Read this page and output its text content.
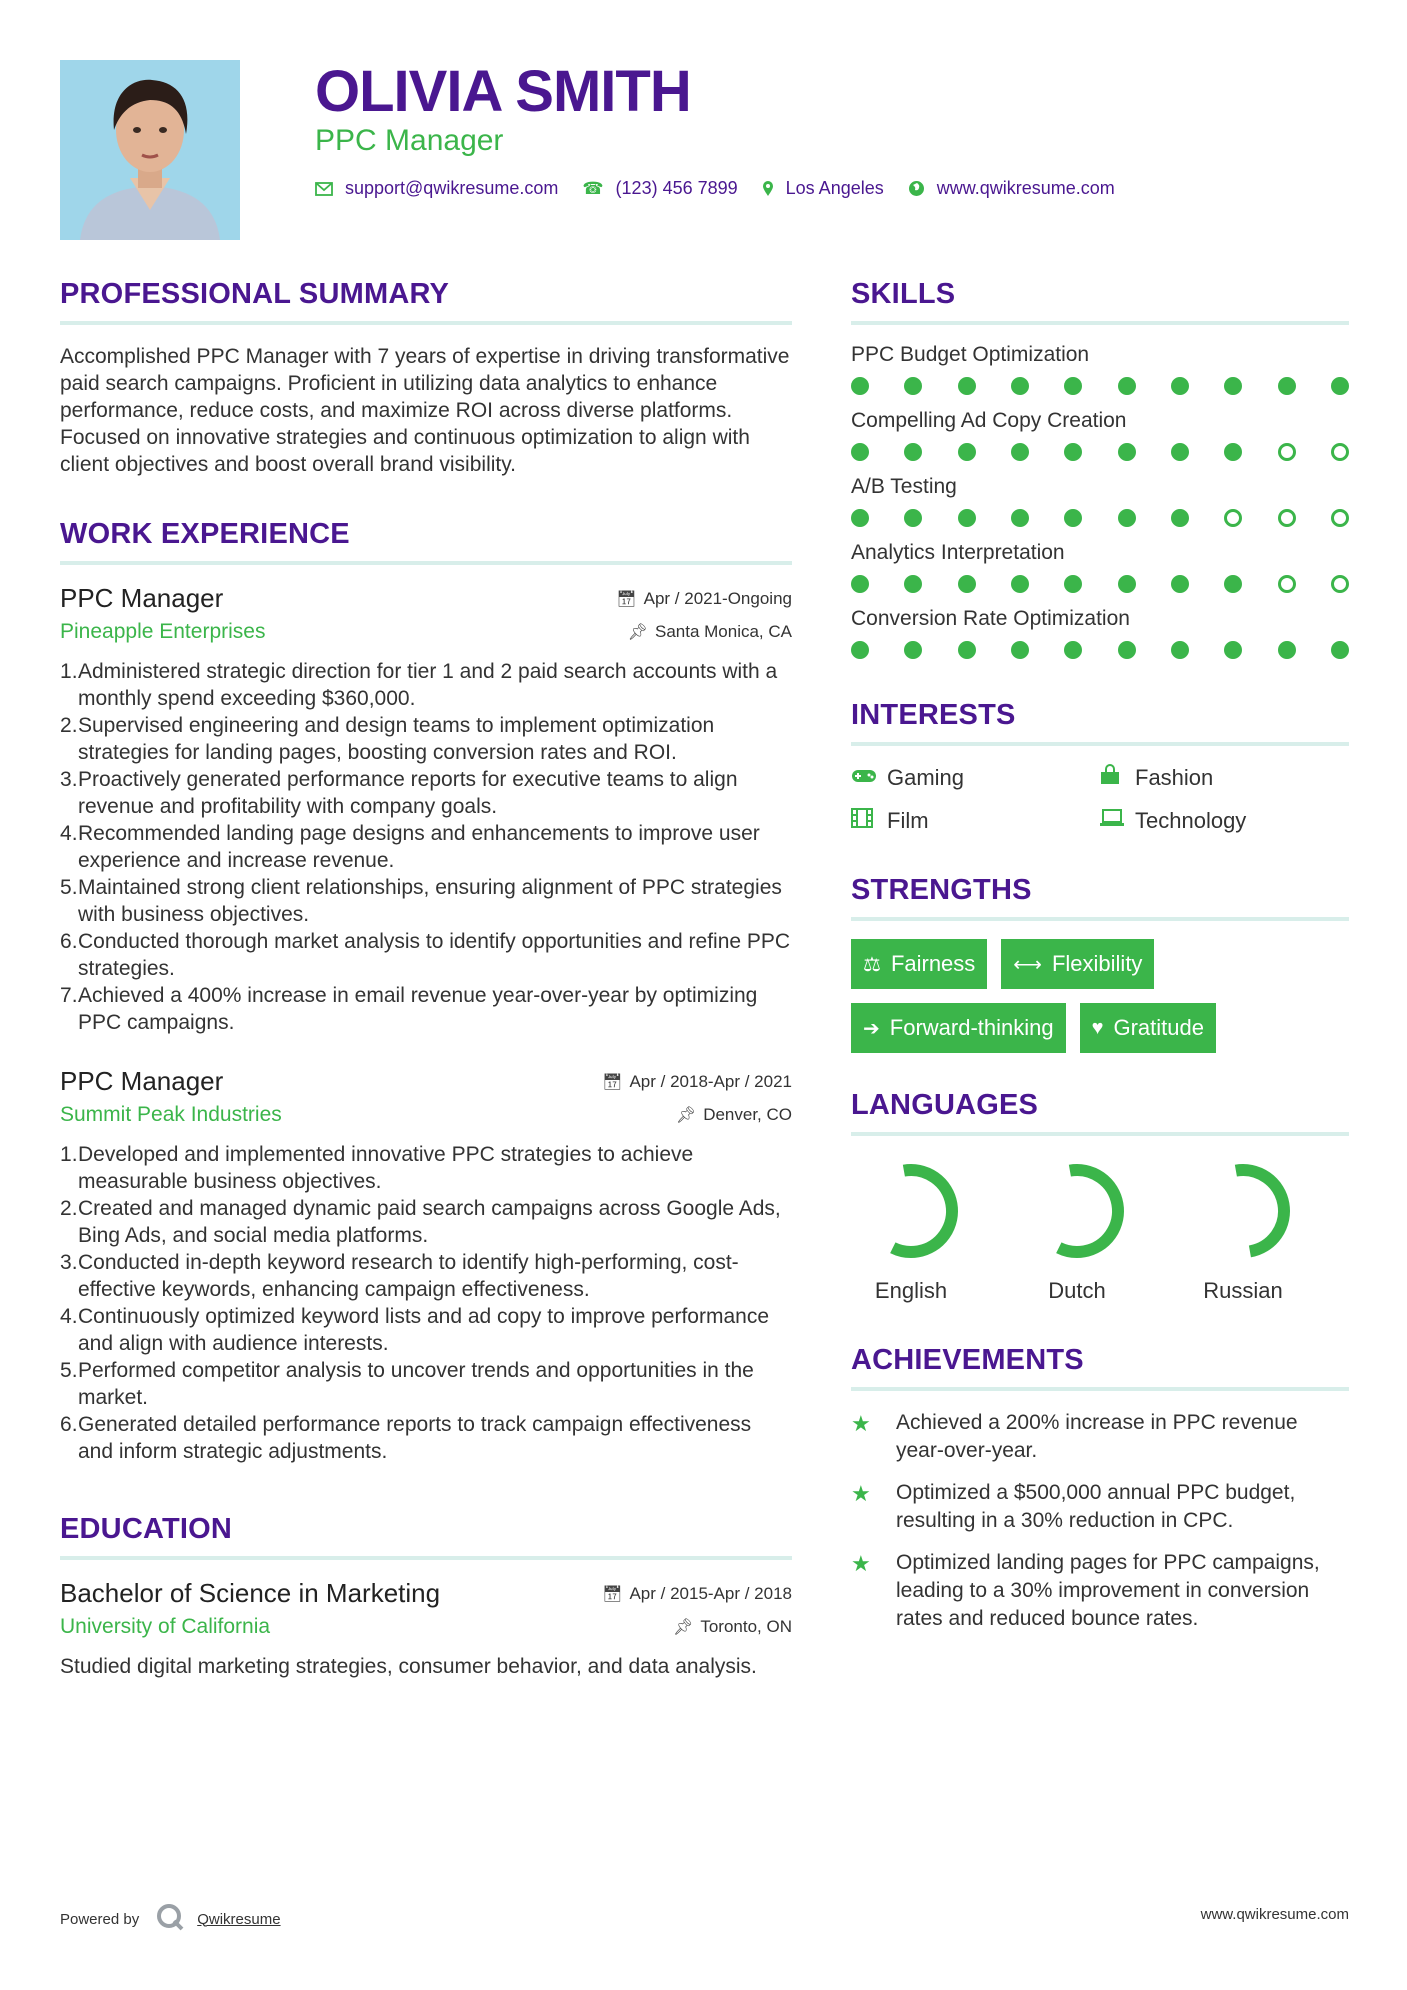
OLIVIA SMITH
PPC Manager
support@qwikresume.com ☎ (123) 456 7899	Los Angeles	www.qwikresume.com
PROFESSIONAL SUMMARY

Accomplished PPC Manager with 7 years of expertise in driving transformative paid search campaigns. Proficient in utilizing data analytics to enhance performance, reduce costs, and maximize ROI across diverse platforms. Focused on innovative strategies and continuous optimization to align with client objectives and boost overall brand visibility.

WORK EXPERIENCE
PPC Manager	📅︎ Apr / 2021-Ongoing
Pineapple Enterprises	📌︎ Santa Monica, CA
Administered strategic direction for tier 1 and 2 paid search accounts with a monthly spend exceeding $360,000.
Supervised engineering and design teams to implement optimization strategies for landing pages, boosting conversion rates and ROI.
Proactively generated performance reports for executive teams to align revenue and profitability with company goals.
Recommended landing page designs and enhancements to improve user experience and increase revenue.
Maintained strong client relationships, ensuring alignment of PPC strategies with business objectives.
Conducted thorough market analysis to identify opportunities and refine PPC strategies.
Achieved a 400% increase in email revenue year-over-year by optimizing PPC campaigns.
PPC Manager	📅︎ Apr / 2018-Apr / 2021
Summit Peak Industries	📌︎ Denver, CO
Developed and implemented innovative PPC strategies to achieve measurable business objectives.
Created and managed dynamic paid search campaigns across Google Ads, Bing Ads, and social media platforms.
Conducted in-depth keyword research to identify high-performing, cost-effective keywords, enhancing campaign effectiveness.
Continuously optimized keyword lists and ad copy to improve performance and align with audience interests.
Performed competitor analysis to uncover trends and opportunities in the market.
Generated detailed performance reports to track campaign effectiveness and inform strategic adjustments.
EDUCATION
Bachelor of Science in Marketing	📅︎ Apr / 2015-Apr / 2018
University of California	📌︎ Toronto, ON

Studied digital marketing strategies, consumer behavior, and data analysis.

SKILLS
PPC Budget Optimization
Compelling Ad Copy Creation
A/B Testing
Analytics Interpretation
Conversion Rate Optimization
INTERESTS
Gaming	Fashion
Film	Technology
STRENGTHS
⚖︎ Fairness ⟷ Flexibility
➔ Forward-thinking ♥ Gratitude
LANGUAGES
English	Dutch	Russian
ACHIEVEMENTS
★	Achieved a 200% increase in PPC revenue year-over-year.
★	Optimized a $500,000 annual PPC budget, resulting in a 30% reduction in CPC.
★	Optimized landing pages for PPC campaigns, leading to a 30% improvement in conversion rates and reduced bounce rates.
Powered by	Qwikresume	www.qwikresume.com
